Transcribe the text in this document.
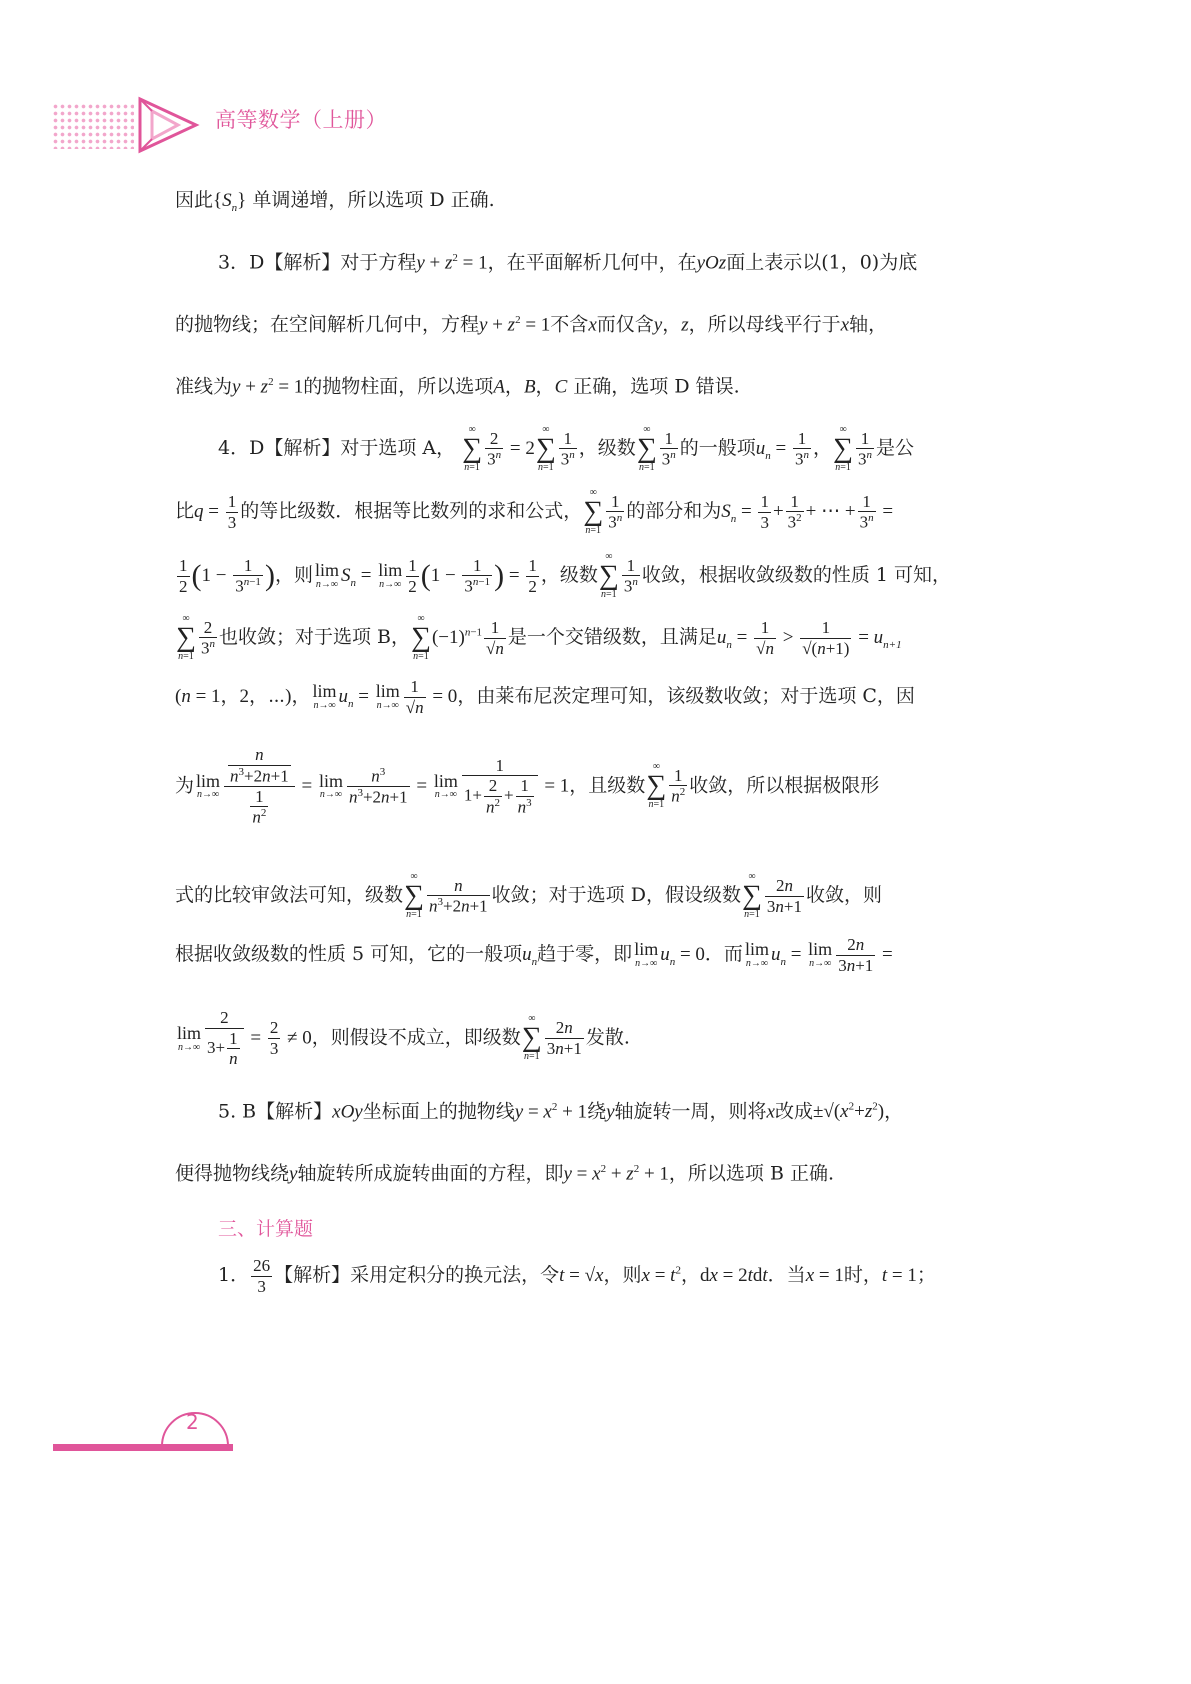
高等数学（上册）
因此$\{S_n\}$ 单调递增，所以选项 D 正确.
3．D【解析】对于方程$y + z^2 = 1$，在平面解析几何中，在yOz面上表示以(1，0)为底
的抛物线；在空间解析几何中，方程$y + z^2 = 1$不含x而仅含y，z，所以母线平行于x轴，
准线为$y + z^2 = 1$的抛物柱面，所以选项A，B，C 正确，选项 D 错误.
4．D【解析】对于选项 A，
∞
∑
$n=1 \frac{2}{3^n} = 2$
∞
∑
$n=1 \frac{1}{3^n}$ ，级数
∞
∑
$n=1 \frac{1}{3^n}$ 的一般项$u_n = \frac{1}{3^n}$ ，
∞
∑
$n=1 \frac{1}{3^n}$ 是公
比$q = \frac{1}{3}$ 的等比级数．根据等比数列的求和公式，
∞
∑
$n=1 \frac{1}{3^n}$ 的部分和为$S_n = \frac{1}{3} + \frac{1}{3^2}$ + ⋯ + $\frac{1}{3^n}$ =
$\frac{1}{2} (1 - \frac{1}{3^{n-1}}$ )，则 lim
n→∞ $S_n = \lim$
$n\to\infty \frac{1}{2} (1 - \frac{1}{3^{n-1}}$ ) = $\frac{1}{2}$ ，级数
∞
∑
$n=1 \frac{1}{3^n}$ 收敛，根据收敛级数的性质 1 可知，
∞
∑
$n=1 \frac{2}{3^n}$ 也收敛；对于选项 B，
∞
∑
n=1
$(-1)^{n-1} \frac{1}{√n}$ 是一个交错级数，且满足$u_n = \frac{1}{√n} > \frac{1}{√(n+1)} = u_{n+1}$
(n = 1，2，⋯)， lim
n→∞ $u_n = \lim$
$n\to\infty \frac{1}{√n} = 0$，由莱布尼茨定理可知，该级数收敛；对于选项 C，因
为 lim
$n\to\infty \frac{\frac{n}{n^3+2n+1}}{\frac{1}{n^2}} = \lim$
$n\to\infty \frac{n^3}{n^3+2n+1} = \lim$
$n\to\infty \frac{1}{1+ \frac{2}{n^2} + \frac{1}{n^3}} = 1$，且级数
∞
∑
$n=1 \frac{1}{n^2}$ 收敛，所以根据极限形
式的比较审敛法可知，级数
∞
∑
$n=1 \frac{n}{n^3+2n+1}$ 收敛；对于选项 D，假设级数
∞
∑
$n=1 \frac{2n}{3n+1}$ 收敛，则
根据收敛级数的性质 5 可知，它的一般项$u_n$趋于零，即 lim
n→∞ $u_n = 0$．而 lim
n→∞ $u_n = \lim$
$n\to\infty \frac{2n}{3n+1}$ =
lim
$n\to\infty \frac{2}{3+ \frac{1}{n}} = \frac{2}{3} \ne 0$，则假设不成立，即级数
∞
∑
$n=1 \frac{2n}{3n+1}$ 发散.
5. B【解析】xOy坐标面上的抛物线$y = x^2 + 1$绕y轴旋转一周，则将x改成$\pm√(x^2+z^2)$，
便得抛物线绕y轴旋转所成旋转曲面的方程，即$y = x^2 + z^2 + 1$，所以选项 B 正确.
三、计算题
1． $\frac{26}{3}$ 【解析】采用定积分的换元法，令t = √x，则$x = t^2$，dx = 2tdt．当x = 1时，t = 1；
2
